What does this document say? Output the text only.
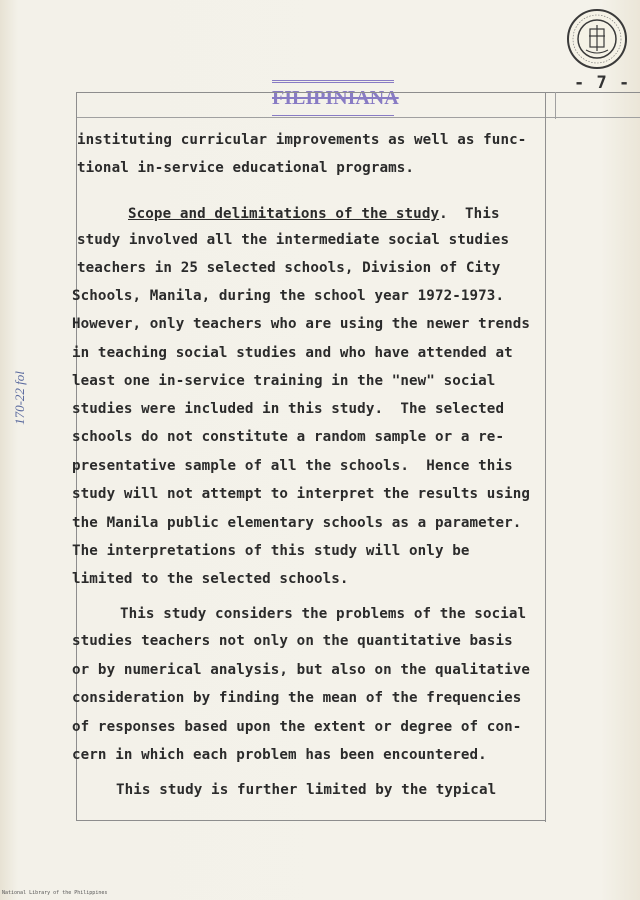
- 7 -
FILIPINIANA
170-22 fol
instituting curricular improvements as well as func-
tional in-service educational programs.
Scope and delimitations of the study.  This
study involved all the intermediate social studies
teachers in 25 selected schools, Division of City
Schools, Manila, during the school year 1972-1973.
However, only teachers who are using the newer trends
in teaching social studies and who have attended at
least one in-service training in the "new" social
studies were included in this study.  The selected
schools do not constitute a random sample or a re-
presentative sample of all the schools.  Hence this
study will not attempt to interpret the results using
the Manila public elementary schools as a parameter.
The interpretations of this study will only be
limited to the selected schools.
This study considers the problems of the social
studies teachers not only on the quantitative basis
or by numerical analysis, but also on the qualitative
consideration by finding the mean of the frequencies
of responses based upon the extent or degree of con-
cern in which each problem has been encountered.
This study is further limited by the typical
National Library of the Philippines
